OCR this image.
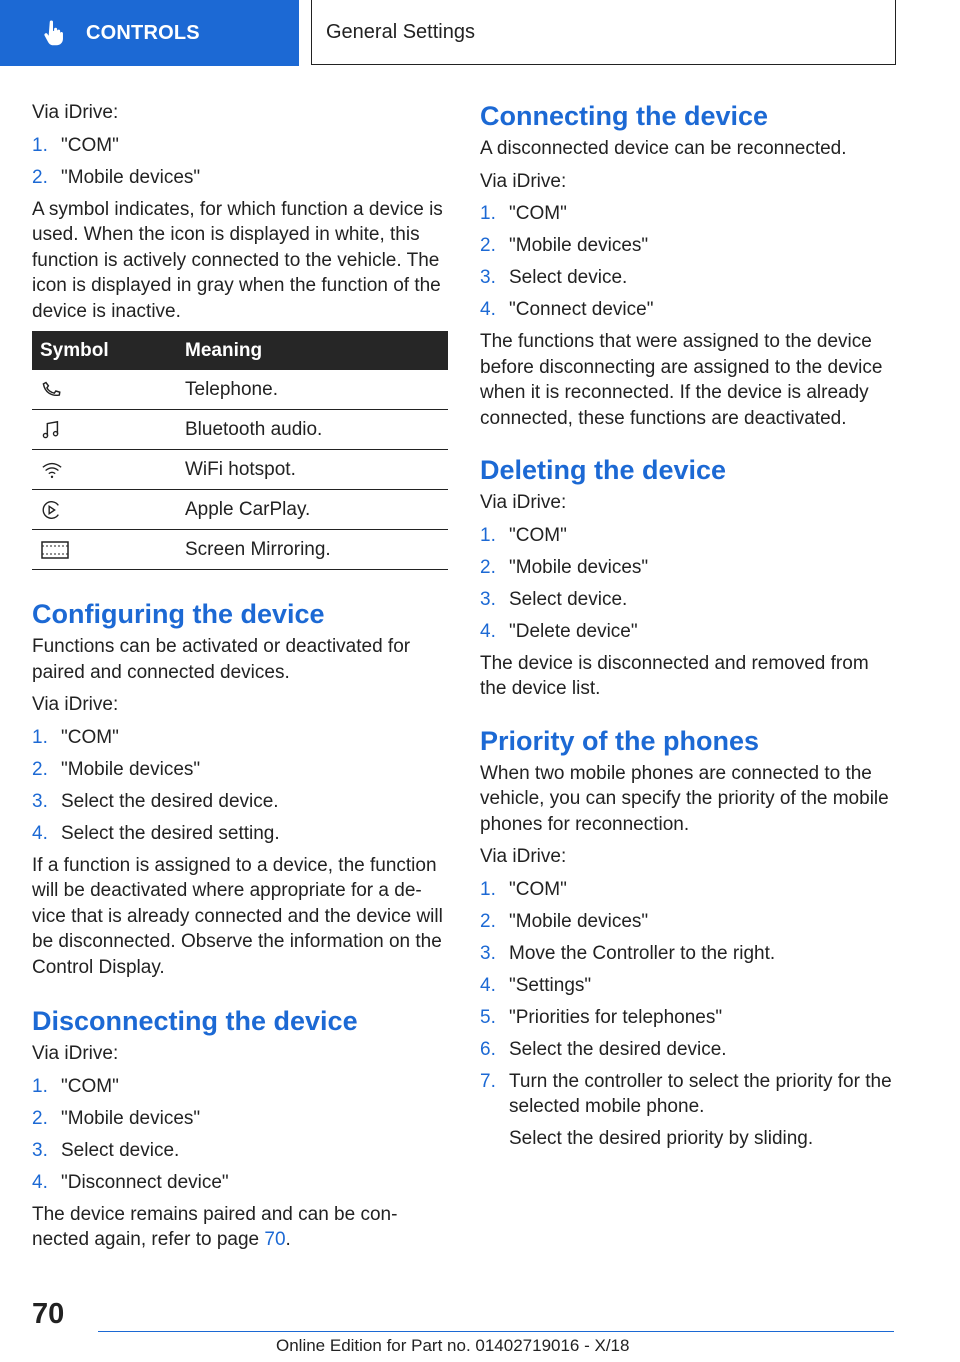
CONTROLS	General Settings

Via iDrive:

1. "COM"
2. "Mobile devices"

A symbol indicates, for which function a device is used. When the icon is displayed in white, this function is actively connected to the vehicle. The icon is displayed in gray when the function of the device is inactive.

Symbol	Meaning

	Telephone.

	Bluetooth audio.

	WiFi hotspot.

	Apple CarPlay.

	Screen Mirroring.
Configuring the device

Functions can be activated or deactivated for paired and connected devices.

Via iDrive:

1. "COM"
2. "Mobile devices"
3. Select the desired device.
4. Select the desired setting.

If a function is assigned to a device, the function will be deactivated where appropriate for a de-vice that is already connected and the device will be disconnected. Observe the information on the Control Display.

Disconnecting the device

Via iDrive:

1. "COM"
2. "Mobile devices"
3. Select device.
4. "Disconnect device"

The device remains paired and can be con-nected again, refer to page 70.

Connecting the device

A disconnected device can be reconnected.

Via iDrive:

1. "COM"
2. "Mobile devices"
3. Select device.
4. "Connect device"

The functions that were assigned to the device before disconnecting are assigned to the device when it is reconnected. If the device is already connected, these functions are deactivated.

Deleting the device

Via iDrive:

1. "COM"
2. "Mobile devices"
3. Select device.
4. "Delete device"

The device is disconnected and removed from the device list.

Priority of the phones

When two mobile phones are connected to the vehicle, you can specify the priority of the mobile phones for reconnection.

Via iDrive:

1. "COM"
2. "Mobile devices"
3. Move the Controller to the right.
4. "Settings"
5. "Priorities for telephones"
6. Select the desired device.
7. Turn the controller to select the priority for the selected mobile phone.

Select the desired priority by sliding.

70
Online Edition for Part no. 01402719016 - X/18
